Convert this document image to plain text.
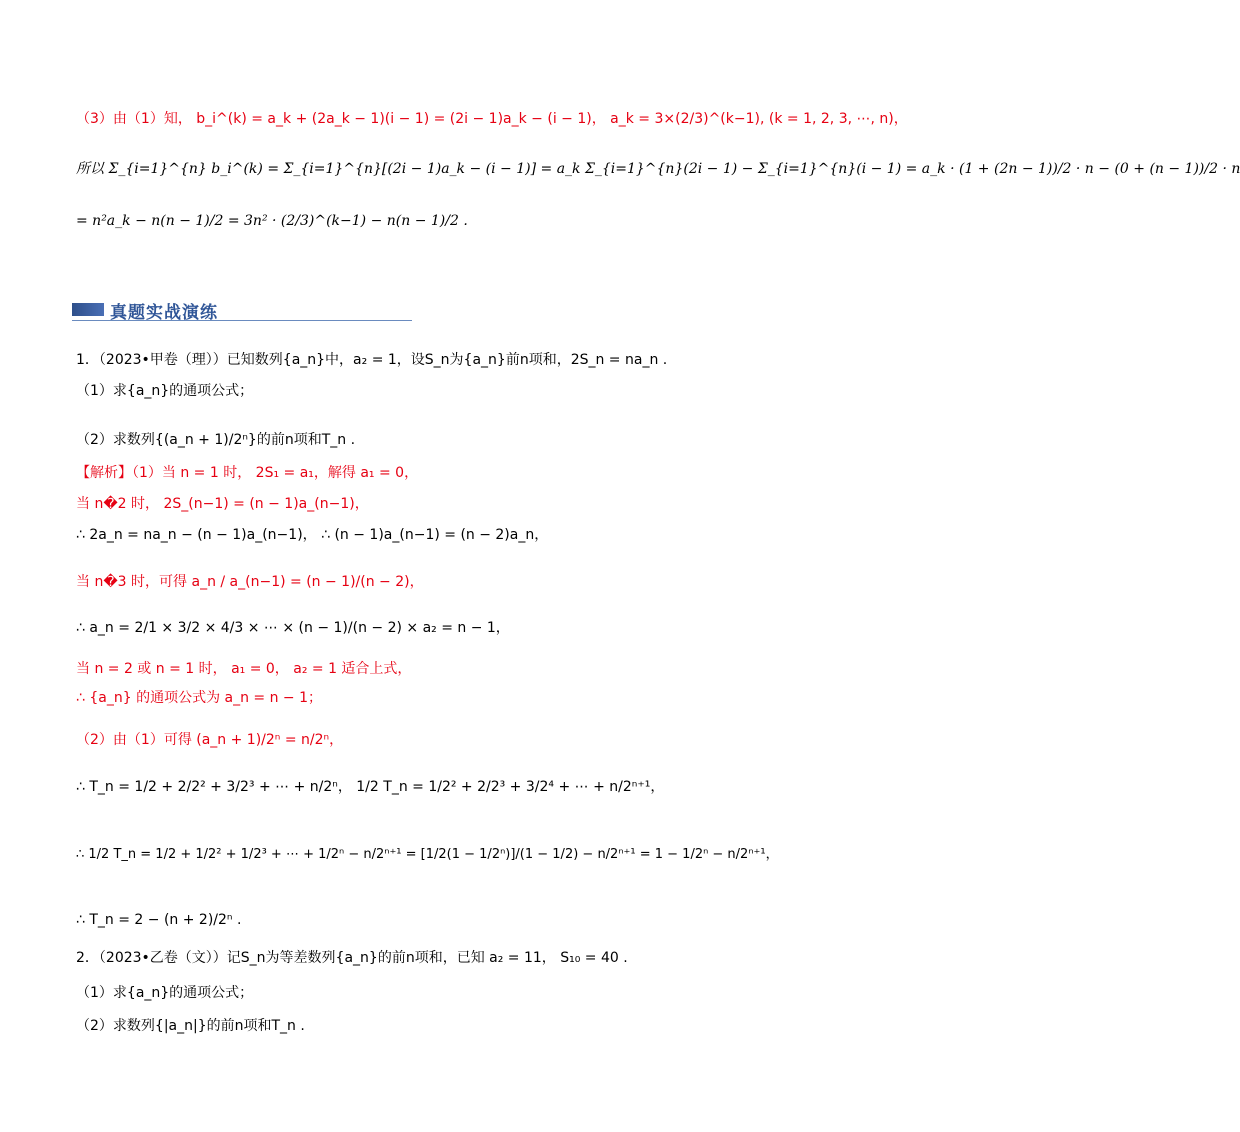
（3）由（1）知， b_i^(k) = a_k + (2a_k − 1)(i − 1) = (2i − 1)a_k − (i − 1)， a_k = 3×(2/3)^(k−1), (k = 1, 2, 3, ⋯, n)，
所以 Σ_{i=1}^{n} b_i^(k) = Σ_{i=1}^{n}[(2i − 1)a_k − (i − 1)] = a_k Σ_{i=1}^{n}(2i − 1) − Σ_{i=1}^{n}(i − 1) = a_k · (1 + (2n − 1))/2 · n − (0 + (n − 1))/2 · n
= n²a_k − n(n − 1)/2 = 3n² · (2/3)^(k−1) − n(n − 1)/2 .
真题实战演练
1．（2023•甲卷（理））已知数列{a_n}中，a₂ = 1，设S_n为{a_n}前n项和，2S_n = na_n .
（1）求{a_n}的通项公式；
（2）求数列{(a_n + 1)/2ⁿ}的前n项和T_n .
【解析】（1）当 n = 1 时， 2S₁ = a₁，解得 a₁ = 0，
当 n�2 时， 2S_(n−1) = (n − 1)a_(n−1)，
∴ 2a_n = na_n − (n − 1)a_(n−1)， ∴ (n − 1)a_(n−1) = (n − 2)a_n，
当 n�3 时，可得 a_n / a_(n−1) = (n − 1)/(n − 2)，
∴ a_n = 2/1 × 3/2 × 4/3 × ⋯ × (n − 1)/(n − 2) × a₂ = n − 1，
当 n = 2 或 n = 1 时， a₁ = 0， a₂ = 1 适合上式，
∴ {a_n} 的通项公式为 a_n = n − 1；
（2）由（1）可得 (a_n + 1)/2ⁿ = n/2ⁿ，
∴ T_n = 1/2 + 2/2² + 3/2³ + ⋯ + n/2ⁿ， 1/2 T_n = 1/2² + 2/2³ + 3/2⁴ + ⋯ + n/2ⁿ⁺¹，
∴ 1/2 T_n = 1/2 + 1/2² + 1/2³ + ⋯ + 1/2ⁿ − n/2ⁿ⁺¹ = [1/2(1 − 1/2ⁿ)]/(1 − 1/2) − n/2ⁿ⁺¹ = 1 − 1/2ⁿ − n/2ⁿ⁺¹，
∴ T_n = 2 − (n + 2)/2ⁿ .
2．（2023•乙卷（文））记S_n为等差数列{a_n}的前n项和，已知 a₂ = 11， S₁₀ = 40 .
（1）求{a_n}的通项公式；
（2）求数列{|a_n|}的前n项和T_n .
